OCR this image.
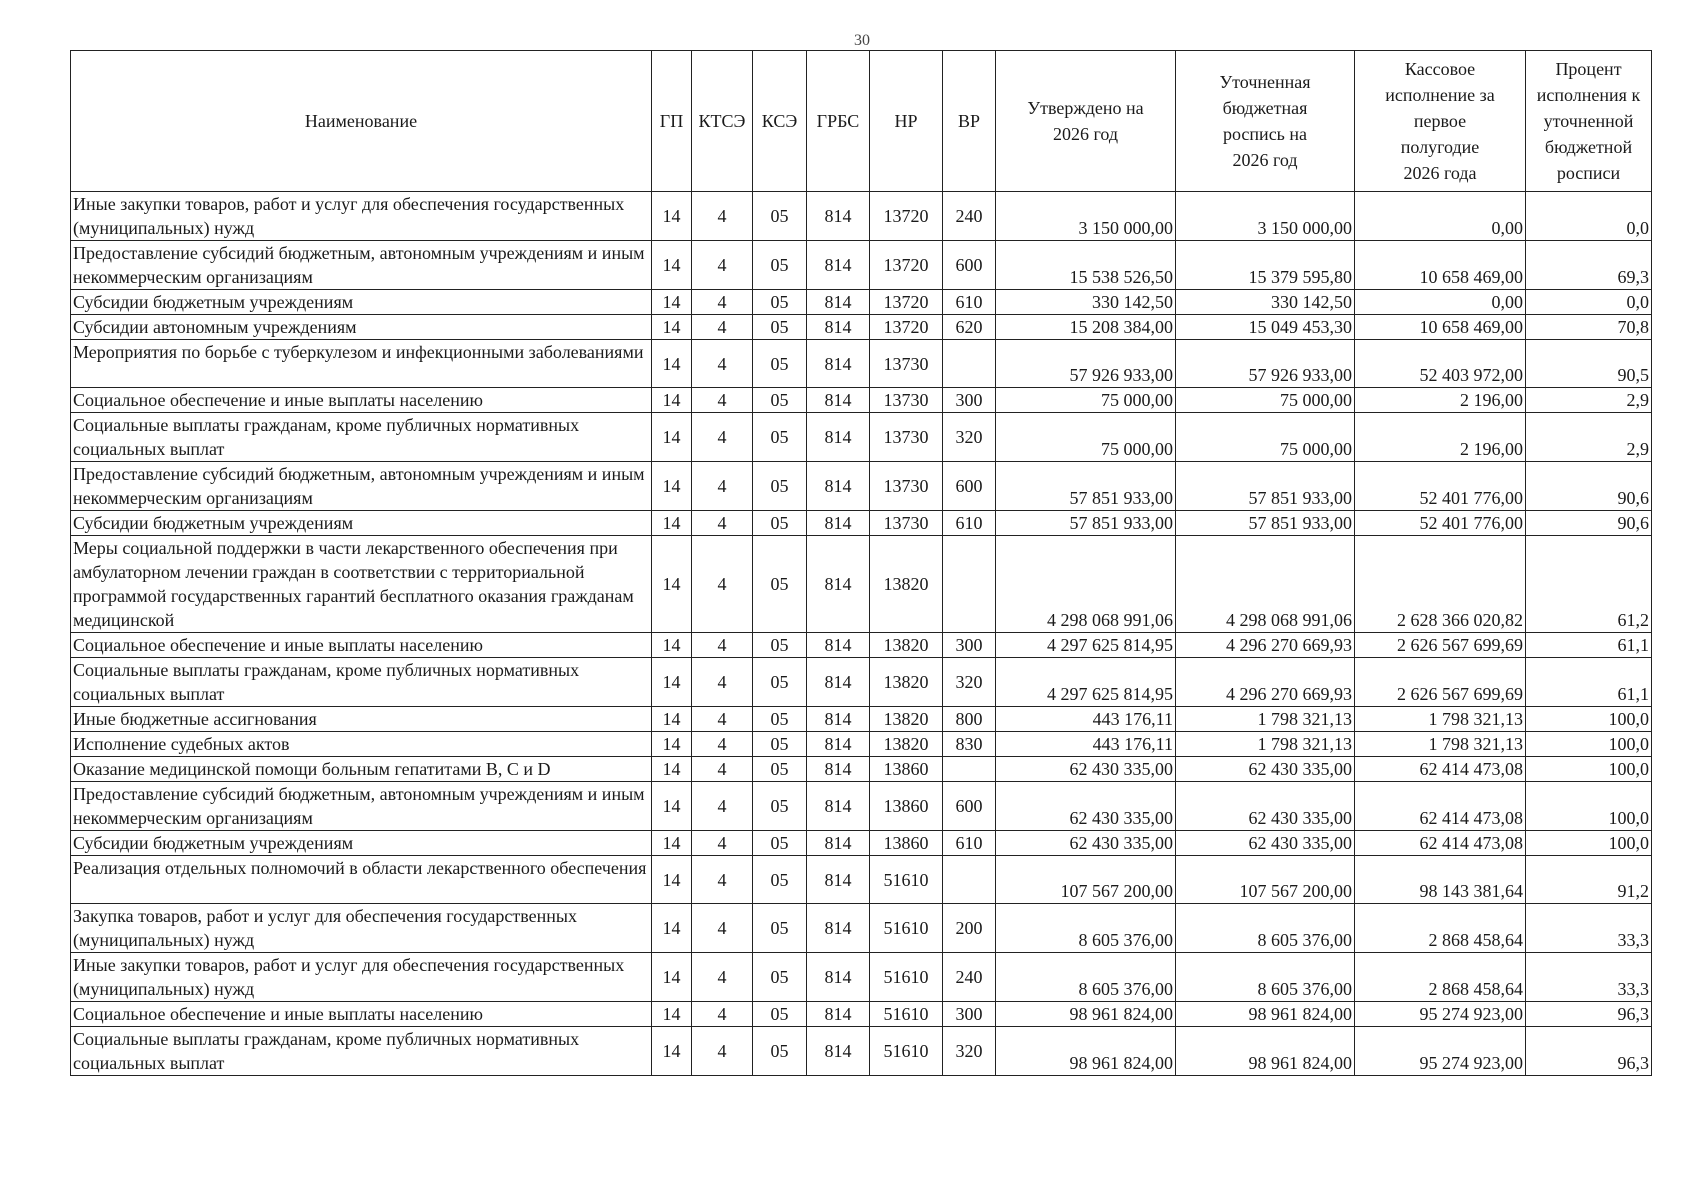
30
Наименование	ГП	КТСЭ	КСЭ	ГРБС	НР	ВР	Утверждено на 2026 год	Уточненная бюджетная роспись на 2026 год	Кассовое исполнение за первое полугодие 2026 года	Процент исполнения к уточненной бюджетной росписи
Иные закупки товаров, работ и услуг для обеспечения государственных (муниципальных) нужд	14	4	05	814	13720	240	3 150 000,00	3 150 000,00	0,00	0,0
Предоставление субсидий бюджетным, автономным учреждениям и иным некоммерческим организациям	14	4	05	814	13720	600	15 538 526,50	15 379 595,80	10 658 469,00	69,3
Субсидии бюджетным учреждениям	14	4	05	814	13720	610	330 142,50	330 142,50	0,00	0,0
Субсидии автономным учреждениям	14	4	05	814	13720	620	15 208 384,00	15 049 453,30	10 658 469,00	70,8
Мероприятия по борьбе с туберкулезом и инфекционными заболеваниями	14	4	05	814	13730		57 926 933,00	57 926 933,00	52 403 972,00	90,5
Социальное обеспечение и иные выплаты населению	14	4	05	814	13730	300	75 000,00	75 000,00	2 196,00	2,9
Социальные выплаты гражданам, кроме публичных нормативных социальных выплат	14	4	05	814	13730	320	75 000,00	75 000,00	2 196,00	2,9
Предоставление субсидий бюджетным, автономным учреждениям и иным некоммерческим организациям	14	4	05	814	13730	600	57 851 933,00	57 851 933,00	52 401 776,00	90,6
Субсидии бюджетным учреждениям	14	4	05	814	13730	610	57 851 933,00	57 851 933,00	52 401 776,00	90,6
Меры социальной поддержки в части лекарственного обеспечения при амбулаторном лечении граждан в соответствии с территориальной программой государственных гарантий бесплатного оказания гражданам медицинской	14	4	05	814	13820		4 298 068 991,06	4 298 068 991,06	2 628 366 020,82	61,2
Социальное обеспечение и иные выплаты населению	14	4	05	814	13820	300	4 297 625 814,95	4 296 270 669,93	2 626 567 699,69	61,1
Социальные выплаты гражданам, кроме публичных нормативных социальных выплат	14	4	05	814	13820	320	4 297 625 814,95	4 296 270 669,93	2 626 567 699,69	61,1
Иные бюджетные ассигнования	14	4	05	814	13820	800	443 176,11	1 798 321,13	1 798 321,13	100,0
Исполнение судебных актов	14	4	05	814	13820	830	443 176,11	1 798 321,13	1 798 321,13	100,0
Оказание медицинской помощи больным гепатитами B, C и D	14	4	05	814	13860		62 430 335,00	62 430 335,00	62 414 473,08	100,0
Предоставление субсидий бюджетным, автономным учреждениям и иным некоммерческим организациям	14	4	05	814	13860	600	62 430 335,00	62 430 335,00	62 414 473,08	100,0
Субсидии бюджетным учреждениям	14	4	05	814	13860	610	62 430 335,00	62 430 335,00	62 414 473,08	100,0
Реализация отдельных полномочий в области лекарственного обеспечения	14	4	05	814	51610		107 567 200,00	107 567 200,00	98 143 381,64	91,2
Закупка товаров, работ и услуг для обеспечения государственных (муниципальных) нужд	14	4	05	814	51610	200	8 605 376,00	8 605 376,00	2 868 458,64	33,3
Иные закупки товаров, работ и услуг для обеспечения государственных (муниципальных) нужд	14	4	05	814	51610	240	8 605 376,00	8 605 376,00	2 868 458,64	33,3
Социальное обеспечение и иные выплаты населению	14	4	05	814	51610	300	98 961 824,00	98 961 824,00	95 274 923,00	96,3
Социальные выплаты гражданам, кроме публичных нормативных социальных выплат	14	4	05	814	51610	320	98 961 824,00	98 961 824,00	95 274 923,00	96,3
